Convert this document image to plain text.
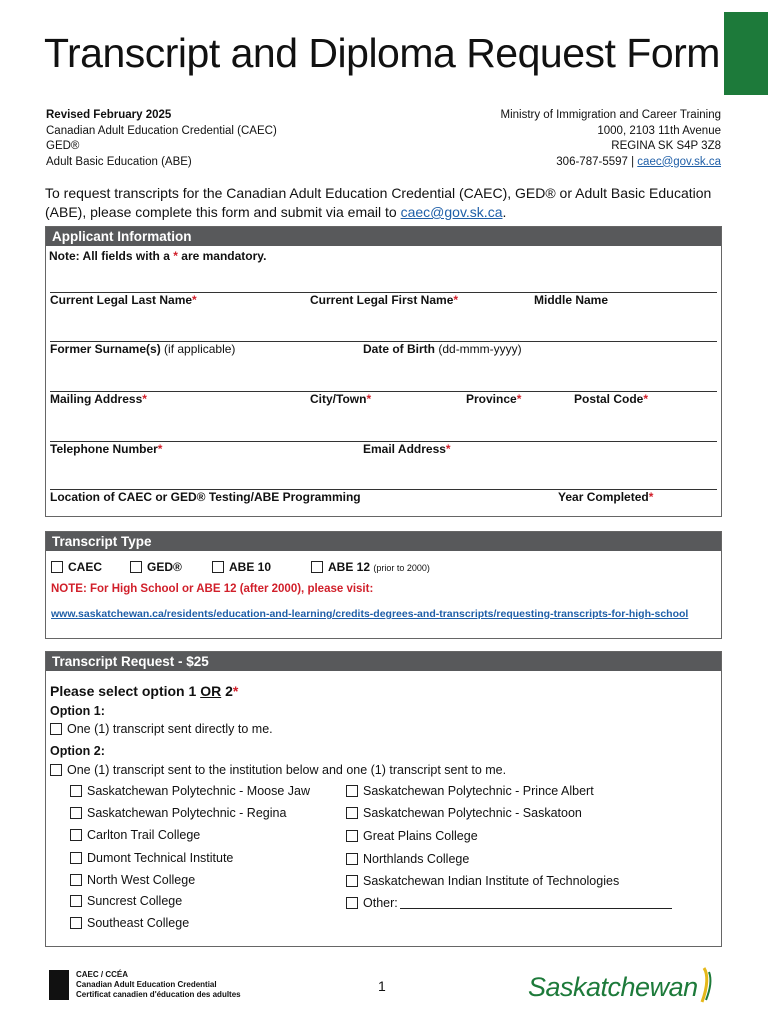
Transcript and Diploma Request Form
Revised February 2025
Canadian Adult Education Credential (CAEC)
GED®
Adult Basic Education (ABE)
Ministry of Immigration and Career Training
1000, 2103 11th Avenue
REGINA SK S4P 3Z8
306-787-5597 | caec@gov.sk.ca

To request transcripts for the Canadian Adult Education Credential (CAEC), GED® or Adult Basic Education (ABE), please complete this form and submit via email to caec@gov.sk.ca.

Applicant Information
Note: All fields with a * are mandatory.
Current Legal Last Name*	Current Legal First Name*	Middle Name
Former Surname(s) (if applicable)	Date of Birth (dd-mmm-yyyy)
Mailing Address*	City/Town*	Province*	Postal Code*
Telephone Number*	Email Address*
Location of CAEC or GED® Testing/ABE Programming	Year Completed*
Transcript Type
CAEC	GED®	ABE 10	ABE 12 (prior to 2000)
NOTE: For High School or ABE 12 (after 2000), please visit:
www.saskatchewan.ca/residents/education-and-learning/credits-degrees-and-transcripts/requesting-transcripts-for-high-school
Transcript Request - $25
Please select option 1 OR 2*
Option 1:
One (1) transcript sent directly to me.
Option 2:
One (1) transcript sent to the institution below and one (1) transcript sent to me.
Saskatchewan Polytechnic - Moose Jaw
Saskatchewan Polytechnic - Regina
Carlton Trail College
Dumont Technical Institute
North West College
Suncrest College
Southeast College
Saskatchewan Polytechnic - Prince Albert
Saskatchewan Polytechnic - Saskatoon
Great Plains College
Northlands College
Saskatchewan Indian Institute of Technologies
Other:
CAEC / CCÉA
Canadian Adult Education Credential
Certificat canadien d'éducation des adultes
1	Saskatchewan
